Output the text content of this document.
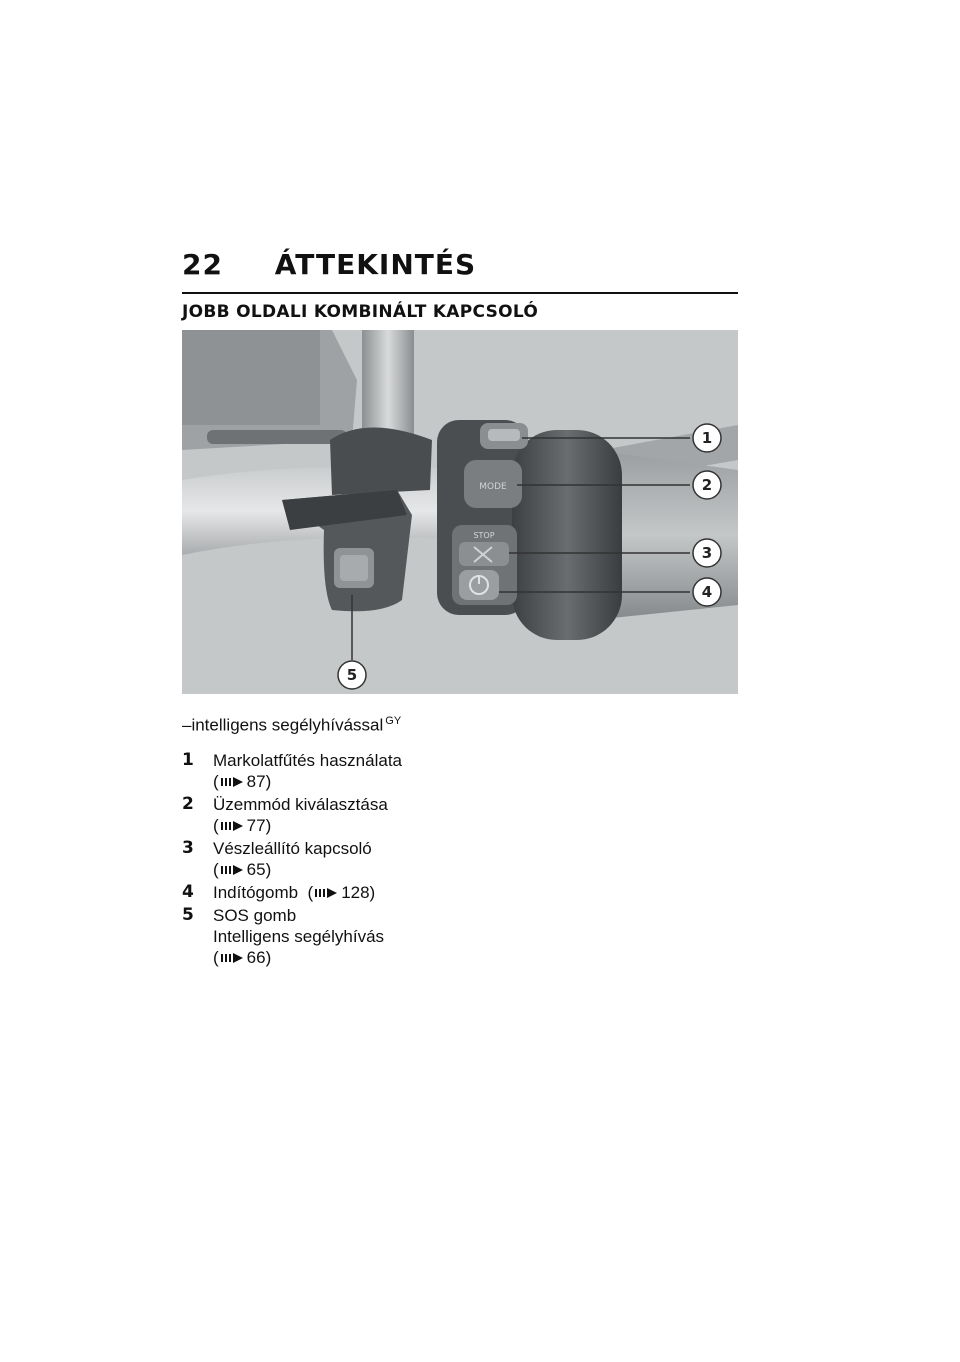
22 ÁTTEKINTÉS
JOBB OLDALI KOMBINÁLT KAPCSOLÓ
MODE
STOP
1
2
3
4
5
–intelligens segélyhívással $^{GY}$
1	Markolatfűtés használata
( 87)
2	Üzemmód kiválasztása
( 77)
3	Vészleállító kapcsoló
( 65)
4	Indítógomb ( 128)
5	SOS gomb
Intelligens segélyhívás
( 66)
